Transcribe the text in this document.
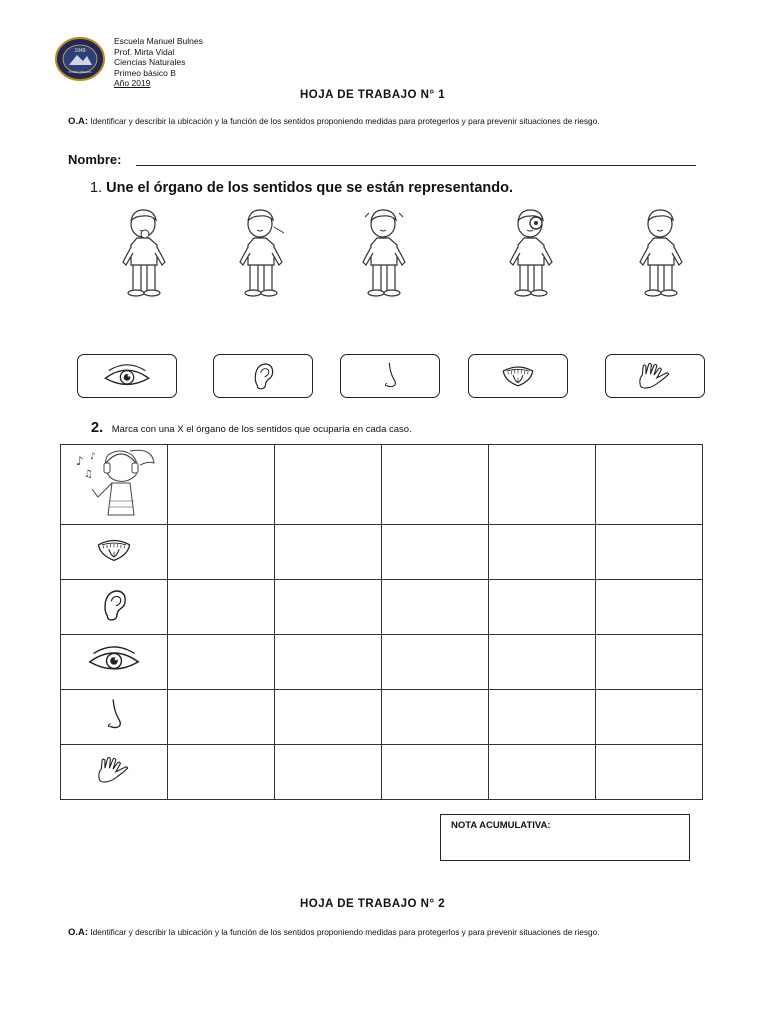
1949
PUNTA ARENAS
Escuela Manuel Bulnes
Prof. Mirta Vidal
Ciencias Naturales
Primeo básico B
Año 2019
HOJA DE TRABAJO N° 1
O.A: Identificar y describir la ubicación y la función de los sentidos proponiendo medidas para protegerlos y para prevenir situaciones de riesgo.
Nombre:
1. Une el órgano de los sentidos que se están representando.
2. Marca con una X el órgano de los sentidos que ocuparía en cada caso.
♪
♫
♪					

NOTA ACUMULATIVA:
HOJA DE TRABAJO N° 2
O.A: Identificar y describir la ubicación y la función de los sentidos proponiendo medidas para protegerlos y para prevenir situaciones de riesgo.
